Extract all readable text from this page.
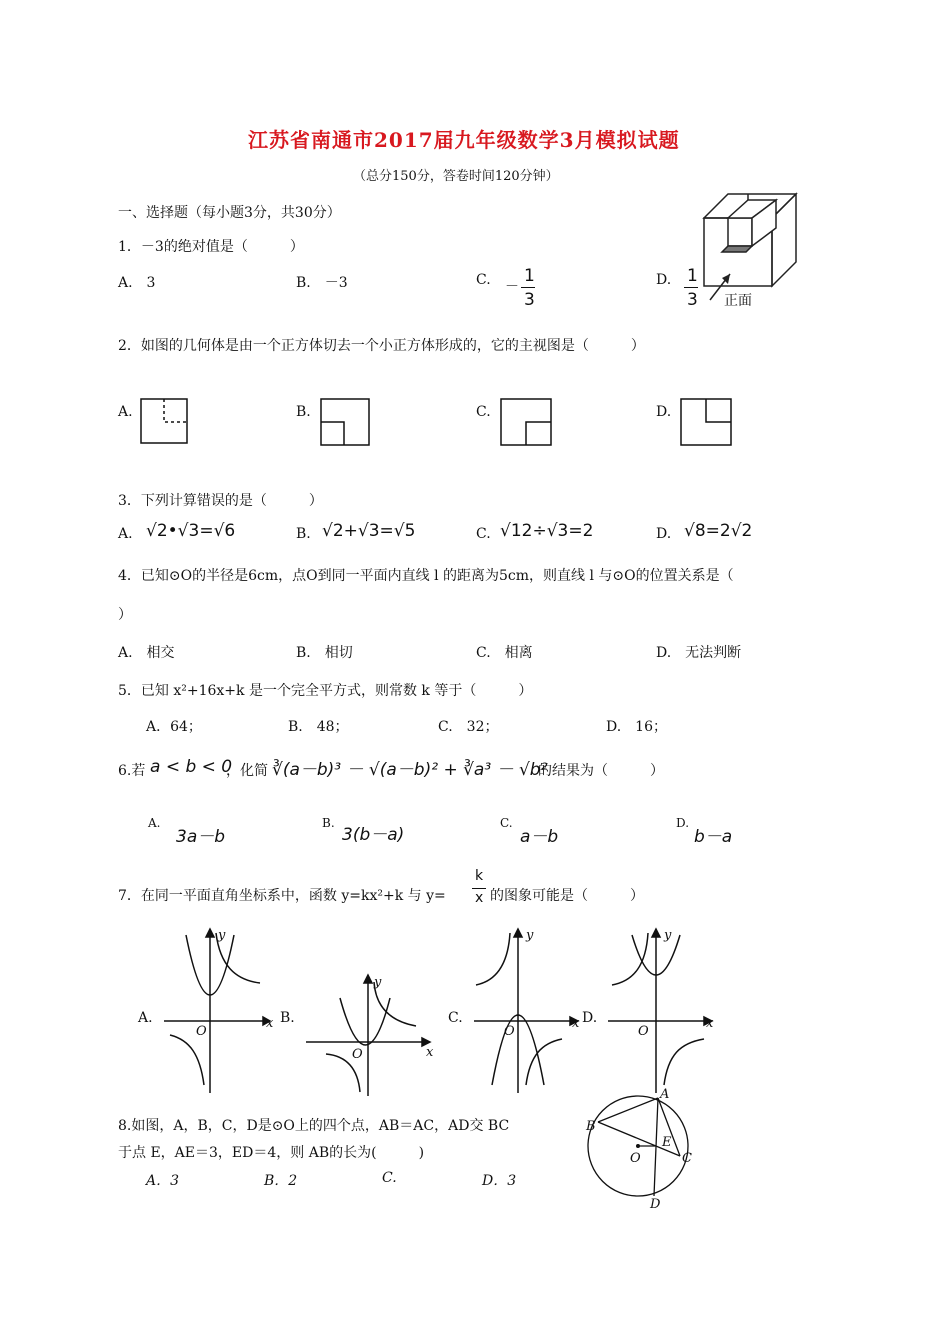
江苏省南通市2017届九年级数学3月模拟试题
（总分150分，答卷时间120分钟）
一、选择题（每小题3分，共30分）
1．－3的绝对值是（　　　）
A.　3	B.　－3	C. －
1
3
D. 1
3 正面
2．如图的几何体是由一个正方体切去一个小正方体形成的，它的主视图是（　　　）
A.	B.	C.	D.
3．下列计算错误的是（　　　）
A. √2•√3=√6	B. √2+√3=√5	C. √12÷√3=2	D. √8=2√2
4．已知⊙O的半径是6cm，点O到同一平面内直线 l 的距离为5cm，则直线 l 与⊙O的位置关系是（
）
A.　相交	B.　相切	C.　相离	D.　无法判断
5．已知 x²+16x+k 是一个完全平方式，则常数 k 等于（　　　）
A．64；	B.　48；	C.　32；	D.　16；
6.若 a < b < 0
，化简 ∛(a－b)³ － √(a－b)² + ∛a³ － √b²
的结果为（　　　）
A.
3a－b
B.
3(b－a)
C.
a－b
D.
b－a
7．在同一平面直角坐标系中，函数 y=kx²+k 与 y=
k
x 的图象可能是（　　　）
A.	B.	C.	D.
y
x
O
y
x
O
y
x
O
y
x
O
8.如图，A，B，C，D是⊙O上的四个点，AB＝AC，AD交 BC
于点 E，AE＝3，ED＝4，则 AB的长为(　　　)
A．3	B．2	C.	D．3
A
B
C
D
E
O
